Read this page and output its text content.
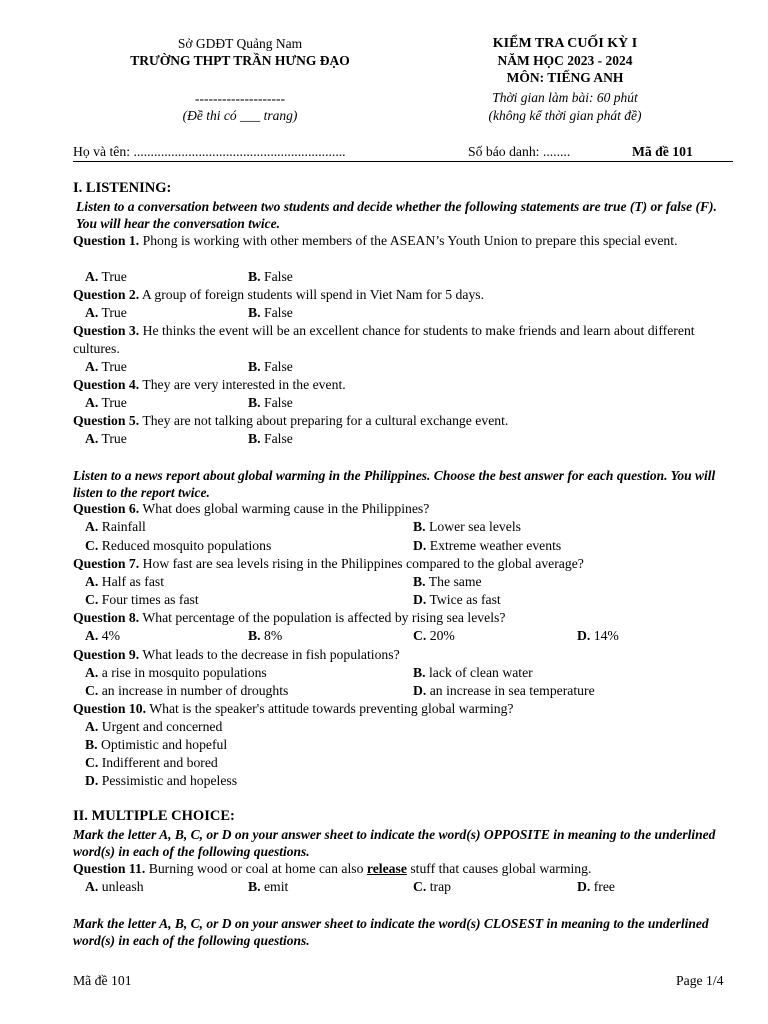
Sở GDĐT Quảng Nam
TRƯỜNG THPT TRẦN HƯNG ĐẠO
--------------------
(Đề thi có ___ trang)
KIỂM TRA CUỐI KỲ I
NĂM HỌC 2023 - 2024
MÔN: TIẾNG ANH
Thời gian làm bài: 60 phút
(không kể thời gian phát đề)
Họ và tên: ..............................................................	Số báo danh: ........	Mã đề 101
I. LISTENING:
Listen to a conversation between two students and decide whether the following statements are true (T) or false (F). You will hear the conversation twice.
Question 1. Phong is working with other members of the ASEAN’s Youth Union to prepare this special event.
A. True	B. False
Question 2. A group of foreign students will spend in Viet Nam for 5 days.
A. True	B. False
Question 3. He thinks the event will be an excellent chance for students to make friends and learn about different cultures.
A. True	B. False
Question 4. They are very interested in the event.
A. True	B. False
Question 5. They are not talking about preparing for a cultural exchange event.
A. True	B. False
Listen to a news report about global warming in the Philippines. Choose the best answer for each question. You will listen to the report twice.
Question 6. What does global warming cause in the Philippines?
A. Rainfall	B. Lower sea levels
C. Reduced mosquito populations	D. Extreme weather events
Question 7. How fast are sea levels rising in the Philippines compared to the global average?
A. Half as fast	B. The same
C. Four times as fast	D. Twice as fast
Question 8. What percentage of the population is affected by rising sea levels?
A. 4%	B. 8%	C. 20%	D. 14%
Question 9. What leads to the decrease in fish populations?
A. a rise in mosquito populations	B. lack of clean water
C. an increase in number of droughts	D. an increase in sea temperature
Question 10. What is the speaker's attitude towards preventing global warming?
A. Urgent and concerned
B. Optimistic and hopeful
C. Indifferent and bored
D. Pessimistic and hopeless
II. MULTIPLE CHOICE:
Mark the letter A, B, C, or D on your answer sheet to indicate the word(s) OPPOSITE in meaning to the underlined word(s) in each of the following questions.
Question 11. Burning wood or coal at home can also release stuff that causes global warming.
A. unleash	B. emit	C. trap	D. free
Mark the letter A, B, C, or D on your answer sheet to indicate the word(s) CLOSEST in meaning to the underlined word(s) in each of the following questions.
Mã đề 101	Page 1/4
